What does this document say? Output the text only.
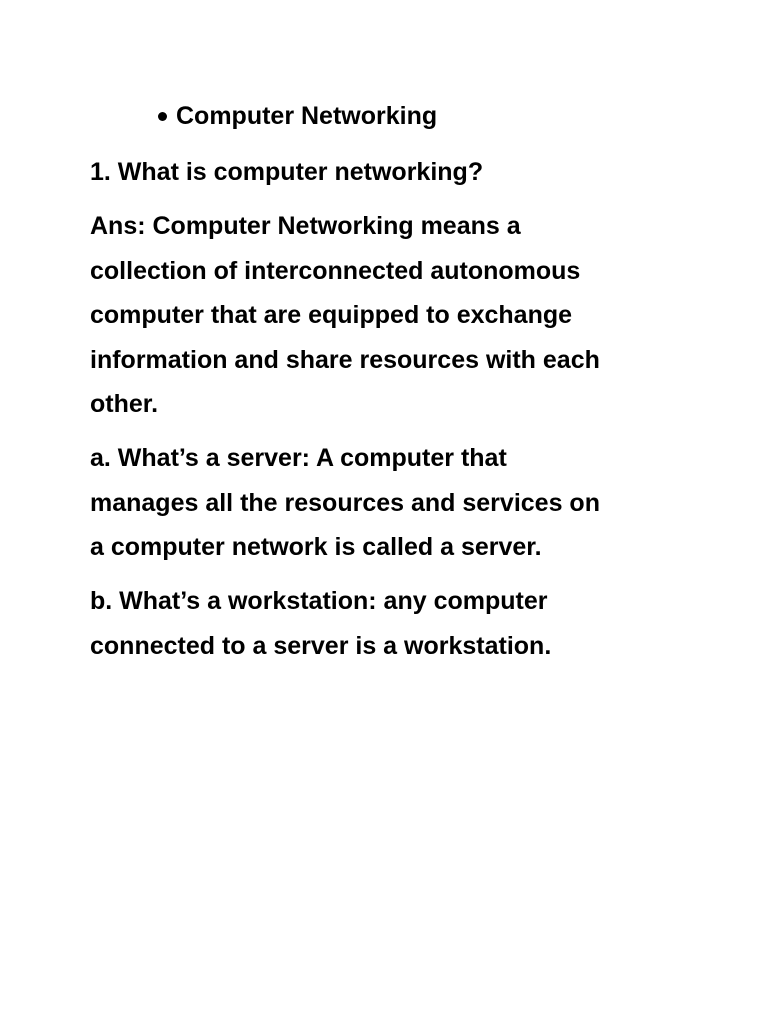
Computer Networking
1. What is computer networking?
Ans: Computer Networking means a
collection of interconnected autonomous
computer that are equipped to exchange
information and share resources with each
other.
a. What’s a server: A computer that
manages all the resources and services on
a computer network is called a server.
b. What’s a workstation: any computer
connected to a server is a workstation.
